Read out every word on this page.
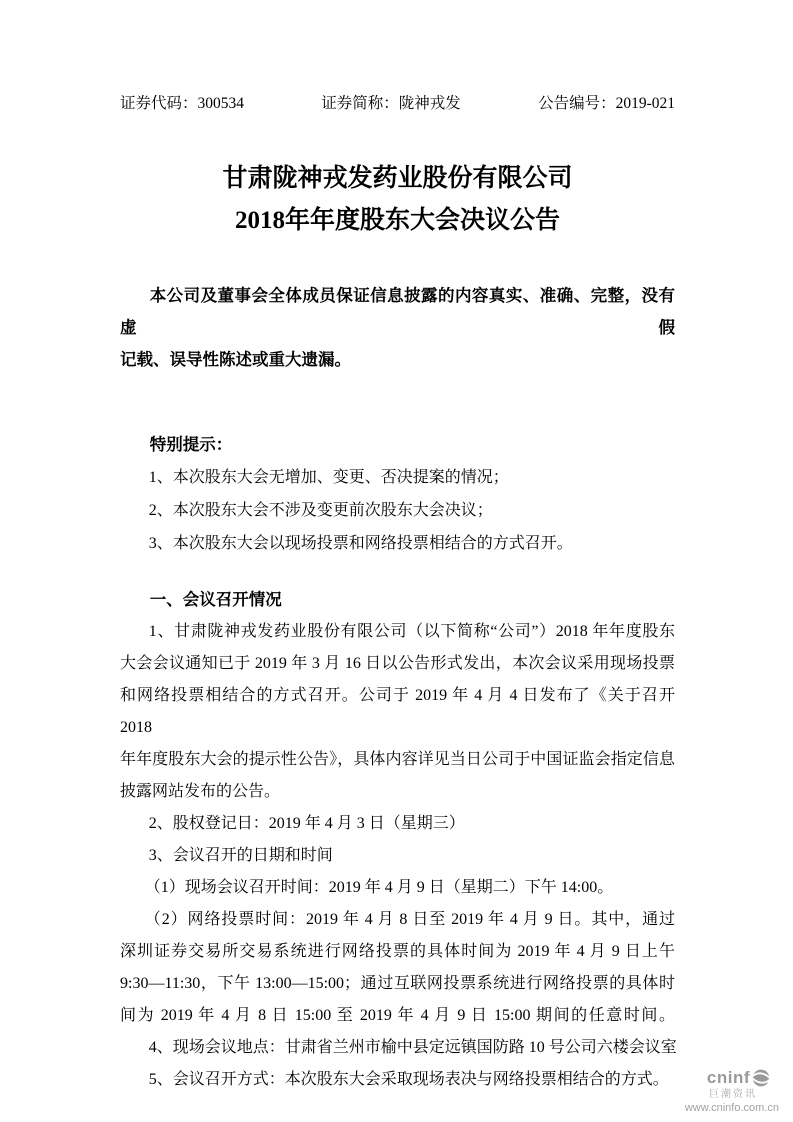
证券代码：300534	证券简称：陇神戎发	公告编号：2019-021
甘肃陇神戎发药业股份有限公司
2018年年度股东大会决议公告
本公司及董事会全体成员保证信息披露的内容真实、准确、完整，没有虚假
记载、误导性陈述或重大遗漏。
特别提示：
1、本次股东大会无增加、变更、否决提案的情况；
2、本次股东大会不涉及变更前次股东大会决议；
3、本次股东大会以现场投票和网络投票相结合的方式召开。
一、会议召开情况
1、甘肃陇神戎发药业股份有限公司（以下简称“公司”）2018 年年度股东
大会会议通知已于 2019 年 3 月 16 日以公告形式发出，本次会议采用现场投票
和网络投票相结合的方式召开。公司于 2019 年 4 月 4 日发布了《关于召开 2018
年年度股东大会的提示性公告》，具体内容详见当日公司于中国证监会指定信息
披露网站发布的公告。
2、股权登记日：2019 年 4 月 3 日（星期三）
3、会议召开的日期和时间
（1）现场会议召开时间：2019 年 4 月 9 日（星期二）下午 14:00。
（2）网络投票时间：2019 年 4 月 8 日至 2019 年 4 月 9 日。其中，通过
深圳证券交易所交易系统进行网络投票的具体时间为 2019 年 4 月 9 日上午
9:30—11:30，下午 13:00—15:00；通过互联网投票系统进行网络投票的具体时
间为 2019 年 4 月 8 日 15:00 至 2019 年 4 月 9 日 15:00 期间的任意时间。
4、现场会议地点：甘肃省兰州市榆中县定远镇国防路 10 号公司六楼会议室
5、会议召开方式：本次股东大会采取现场表决与网络投票相结合的方式。	cninf
巨潮资讯
www.cninfo.com.cn
